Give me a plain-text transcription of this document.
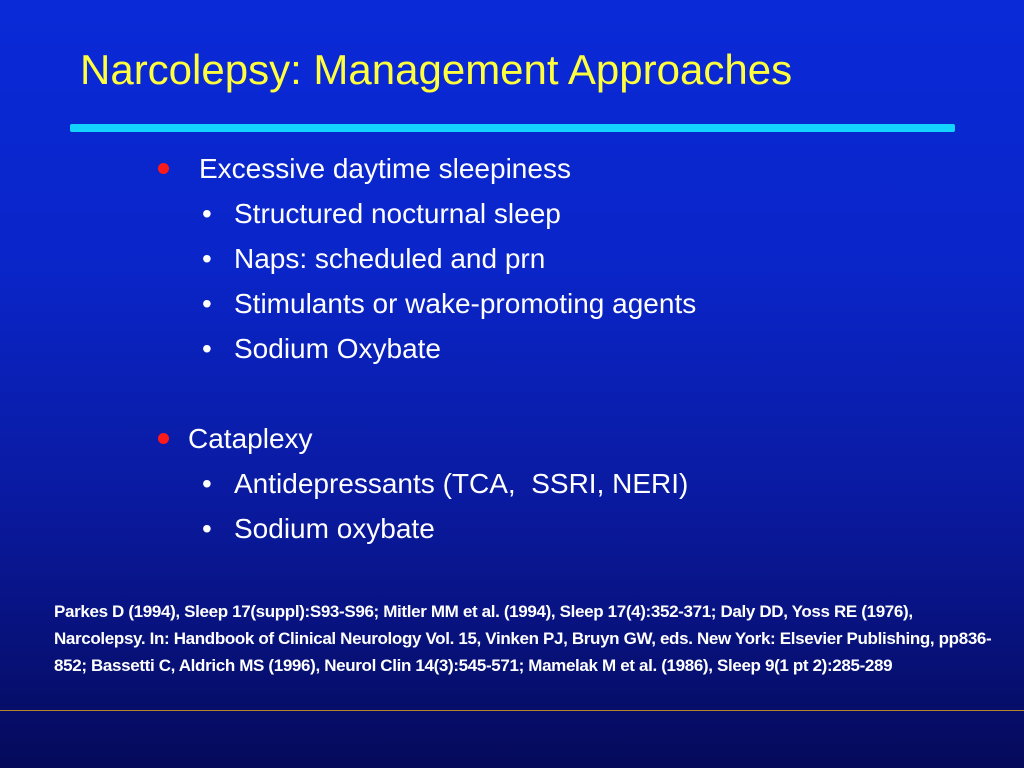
Narcolepsy: Management Approaches
Excessive daytime sleepiness
• Structured nocturnal sleep
• Naps: scheduled and prn
• Stimulants or wake-promoting agents
• Sodium Oxybate
Cataplexy
• Antidepressants (TCA,  SSRI, NERI)
• Sodium oxybate

Parkes D (1994), Sleep 17(suppl):S93-S96; Mitler MM et al. (1994), Sleep 17(4):352-371; Daly DD, Yoss RE (1976), Narcolepsy. In: Handbook of Clinical Neurology Vol. 15, Vinken PJ, Bruyn GW, eds. New York: Elsevier Publishing, pp836-852; Bassetti C, Aldrich MS (1996), Neurol Clin 14(3):545-571; Mamelak M et al. (1986), Sleep 9(1 pt 2):285-289
